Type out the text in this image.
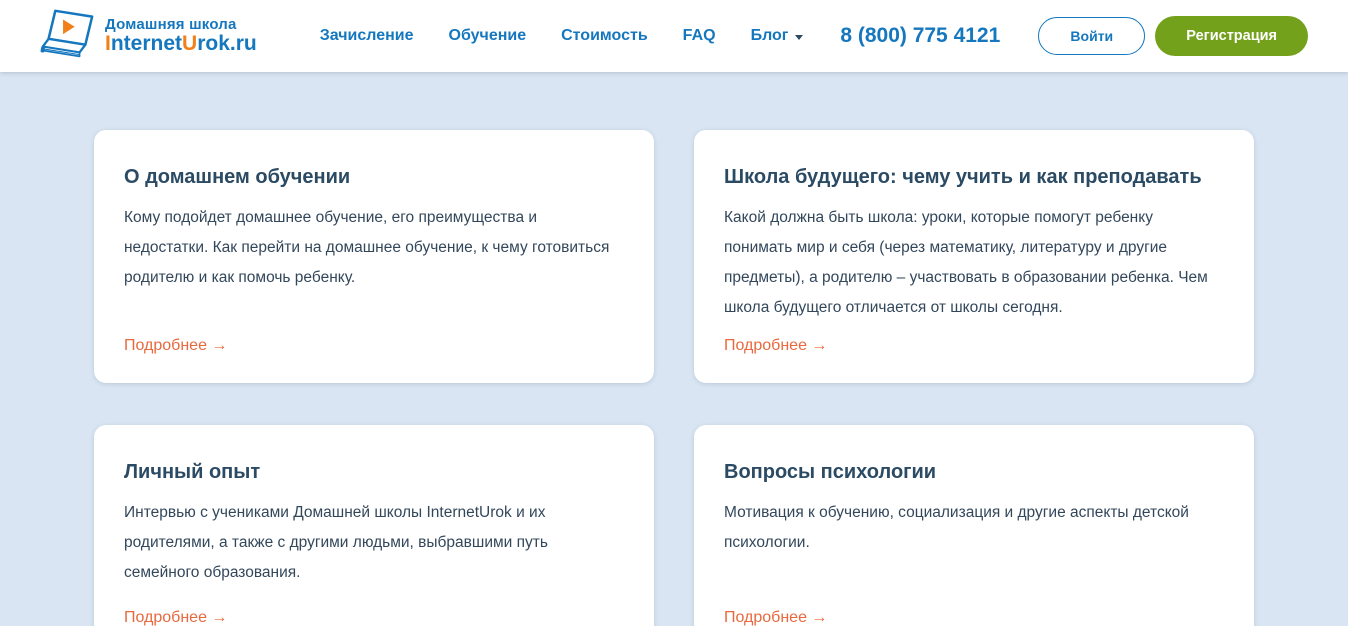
Домашняя школа
InternetUrok.ru	Зачисление Обучение Стоимость FAQ Блог 8 (800) 775 4121	Войти	Регистрация
О домашнем обучении
Кому подойдет домашнее обучение, его преимущества и недостатки. Как перейти на домашнее обучение, к чему готовиться родителю и как помочь ребенку.
Подробнее →
Школа будущего: чему учить и как преподавать
Какой должна быть школа: уроки, которые помогут ребенку понимать мир и себя (через математику, литературу и другие предметы), а родителю – участвовать в образовании ребенка. Чем школа будущего отличается от школы сегодня.
Подробнее →
Личный опыт
Интервью с учениками Домашней школы InternetUrok и их родителями, а также с другими людьми, выбравшими путь семейного образования.
Подробнее →
Вопросы психологии
Мотивация к обучению, социализация и другие аспекты детской психологии.
Подробнее →
